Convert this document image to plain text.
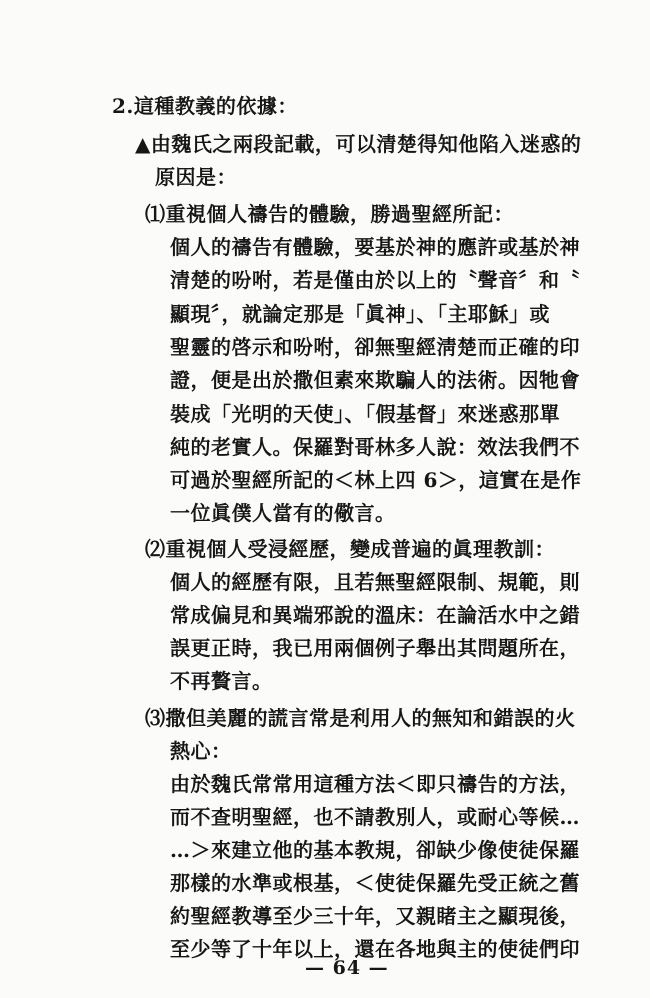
2.這種教義的依據：
▲由魏氏之兩段記載，可以清楚得知他陷入迷惑的
原因是：
⑴重視個人禱告的體驗，勝過聖經所記：
個人的禱告有體驗，要基於神的應許或基於神
清楚的吩咐，若是僅由於以上的〝聲音〞和〝
顯現〞，就論定那是「眞神」、「主耶穌」或
聖靈的啓示和吩咐，卻無聖經淸楚而正確的印
證，便是出於撒但素來欺騙人的法術。因牠會
裝成「光明的天使」、「假基督」來迷惑那單
純的老實人。保羅對哥林多人說：效法我們不
可過於聖經所記的＜林上四 6＞，這實在是作
一位眞僕人當有的儆言。
⑵重視個人受浸經歷，變成普遍的眞理教訓：
個人的經歷有限，且若無聖經限制、規範，則
常成偏見和異端邪說的溫床：在論活水中之錯
誤更正時，我已用兩個例子舉出其問題所在，
不再贅言。
⑶撒但美麗的謊言常是利用人的無知和錯誤的火
熱心：
由於魏氏常常用這種方法＜即只禱告的方法，
而不查明聖經，也不請教別人，或耐心等候…
…＞來建立他的基本教規，卻缺少像使徒保羅
那樣的水準或根基，＜使徒保羅先受正統之舊
約聖經教導至少三十年，又親睹主之顯現後，
至少等了十年以上，還在各地與主的使徒們印
— 64 —
